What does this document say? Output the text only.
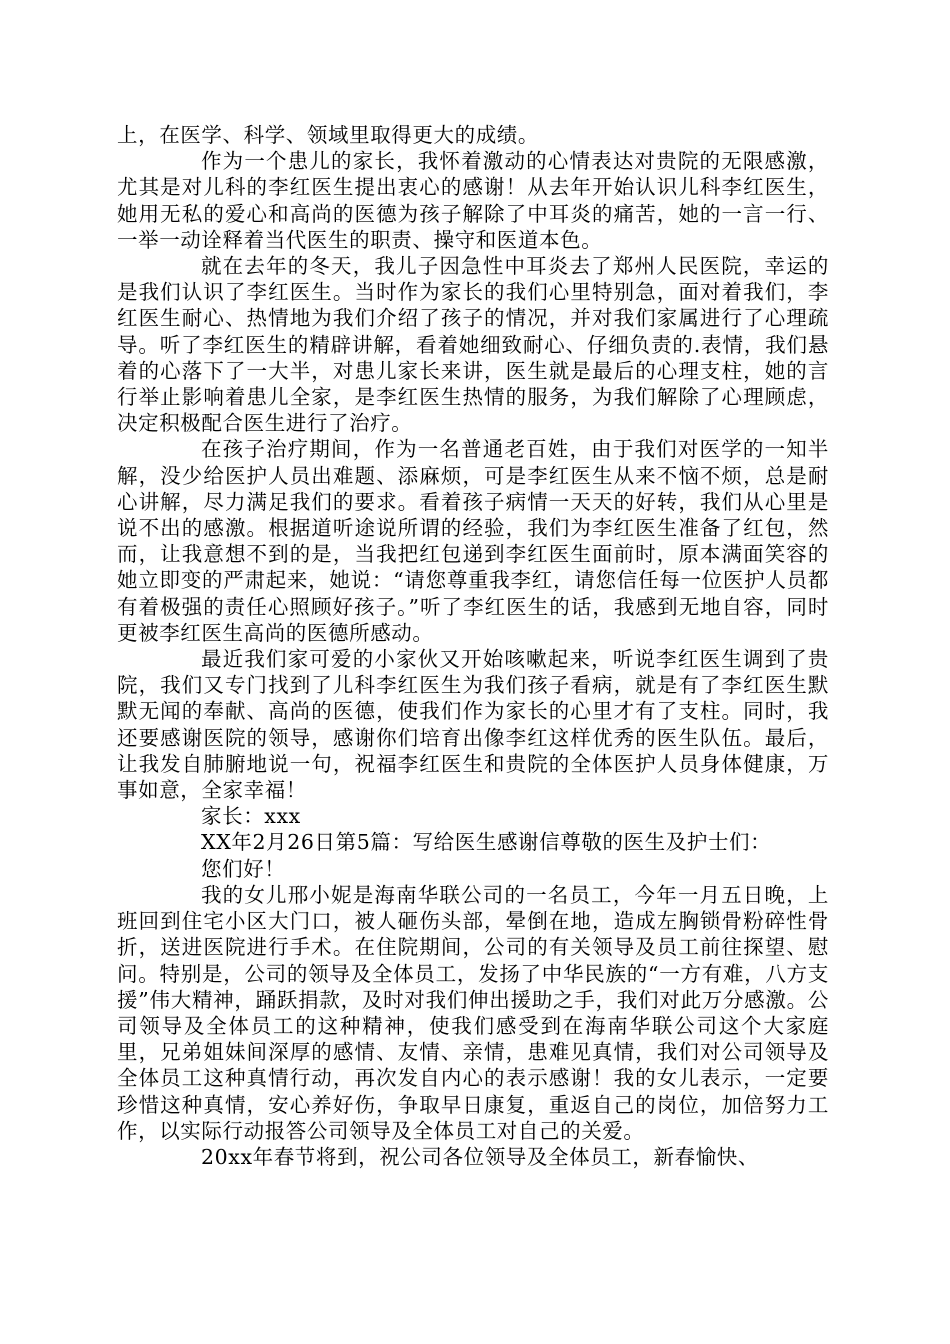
上，在医学、科学、领域里取得更大的成绩。

作为一个患儿的家长，我怀着激动的心情表达对贵院的无限感激，尤其是对儿科的李红医生提出衷心的感谢！从去年开始认识儿科李红医生，她用无私的爱心和高尚的医德为孩子解除了中耳炎的痛苦，她的一言一行、一举一动诠释着当代医生的职责、操守和医道本色。

就在去年的冬天，我儿子因急性中耳炎去了郑州人民医院，幸运的是我们认识了李红医生。当时作为家长的我们心里特别急，面对着我们，李红医生耐心、热情地为我们介绍了孩子的情况，并对我们家属进行了心理疏导。听了李红医生的精辟讲解，看着她细致耐心、仔细负责的.表情，我们悬着的心落下了一大半，对患儿家长来讲，医生就是最后的心理支柱，她的言行举止影响着患儿全家，是李红医生热情的服务，为我们解除了心理顾虑，决定积极配合医生进行了治疗。

在孩子治疗期间，作为一名普通老百姓，由于我们对医学的一知半解，没少给医护人员出难题、添麻烦，可是李红医生从来不恼不烦，总是耐心讲解，尽力满足我们的要求。看着孩子病情一天天的好转，我们从心里是说不出的感激。根据道听途说所谓的经验，我们为李红医生准备了红包，然而，让我意想不到的是，当我把红包递到李红医生面前时，原本满面笑容的她立即变的严肃起来，她说：“请您尊重我李红，请您信任每一位医护人员都有着极强的责任心照顾好孩子。”听了李红医生的话，我感到无地自容，同时更被李红医生高尚的医德所感动。

最近我们家可爱的小家伙又开始咳嗽起来，听说李红医生调到了贵院，我们又专门找到了儿科李红医生为我们孩子看病，就是有了李红医生默默无闻的奉献、高尚的医德，使我们作为家长的心里才有了支柱。同时，我还要感谢医院的领导，感谢你们培育出像李红这样优秀的医生队伍。最后，让我发自肺腑地说一句，祝福李红医生和贵院的全体医护人员身体健康，万事如意，全家幸福！

家长：xxx

XX年2月26日第5篇：写给医生感谢信尊敬的医生及护士们：

您们好！

我的女儿邢小妮是海南华联公司的一名员工，今年一月五日晚，上班回到住宅小区大门口，被人砸伤头部，晕倒在地，造成左胸锁骨粉碎性骨折，送进医院进行手术。在住院期间，公司的有关领导及员工前往探望、慰问。特别是，公司的领导及全体员工，发扬了中华民族的“一方有难，八方支援”伟大精神，踊跃捐款，及时对我们伸出援助之手，我们对此万分感激。公司领导及全体员工的这种精神，使我们感受到在海南华联公司这个大家庭里，兄弟姐妹间深厚的感情、友情、亲情，患难见真情，我们对公司领导及全体员工这种真情行动，再次发自内心的表示感谢！我的女儿表示，一定要珍惜这种真情，安心养好伤，争取早日康复，重返自己的岗位，加倍努力工作，以实际行动报答公司领导及全体员工对自己的关爱。

20xx年春节将到，祝公司各位领导及全体员工，新春愉快、
